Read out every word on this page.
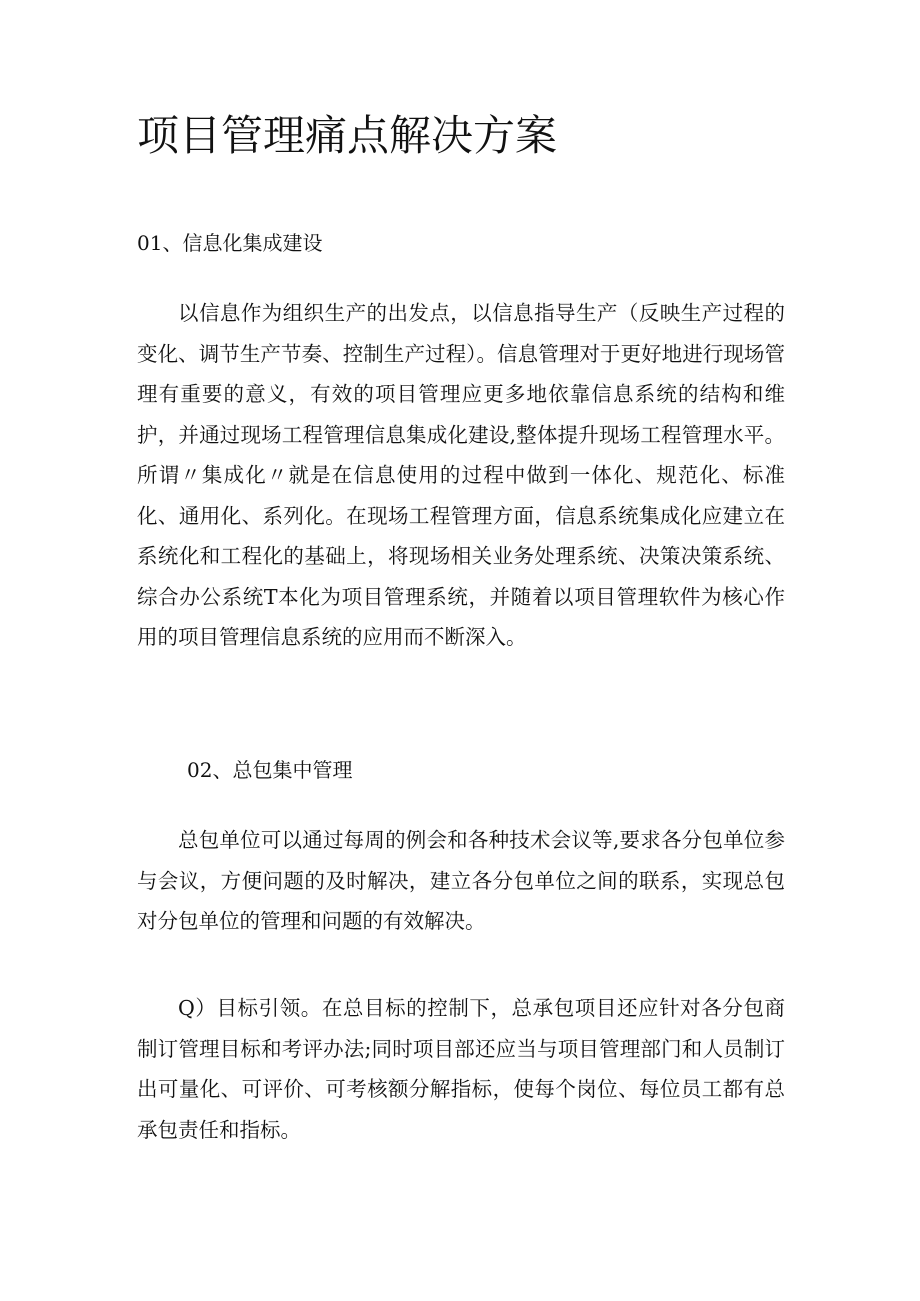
项目管理痛点解决方案
01、信息化集成建设

以信息作为组织生产的出发点，以信息指导生产（反映生产过程的变化、调节生产节奏、控制生产过程）。信息管理对于更好地进行现场管理有重要的意义，有效的项目管理应更多地依靠信息系统的结构和维护，并通过现场工程管理信息集成化建设,整体提升现场工程管理水平。所谓〃集成化〃就是在信息使用的过程中做到一体化、规范化、标准化、通用化、系列化。在现场工程管理方面，信息系统集成化应建立在系统化和工程化的基础上，将现场相关业务处理系统、决策决策系统、综合办公系统T本化为项目管理系统，并随着以项目管理软件为核心作用的项目管理信息系统的应用而不断深入。

02、总包集中管理

总包单位可以通过每周的例会和各种技术会议等,要求各分包单位参与会议，方便问题的及时解决，建立各分包单位之间的联系，实现总包对分包单位的管理和问题的有效解决。

Q）目标引领。在总目标的控制下，总承包项目还应针对各分包商制订管理目标和考评办法;同时项目部还应当与项目管理部门和人员制订出可量化、可评价、可考核额分解指标，使每个岗位、每位员工都有总承包责任和指标。
